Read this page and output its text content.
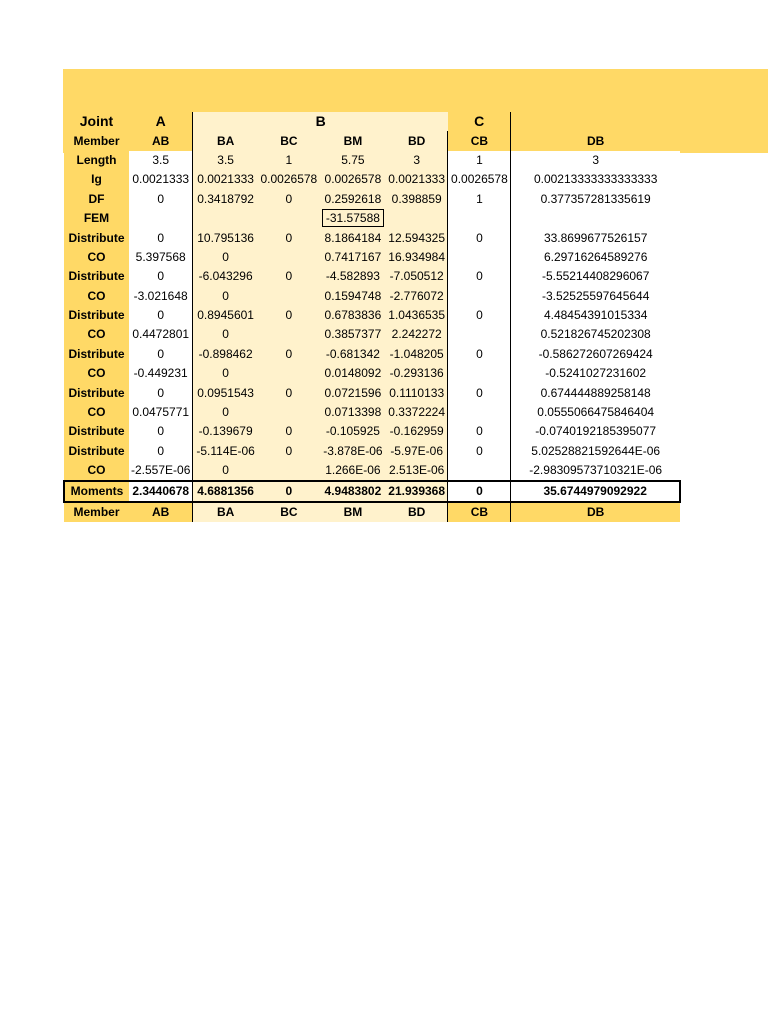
Joint	A	B				C	
Member	AB	BA	BC	BM	BD	CB	DB
Length	3.5	3.5	1	5.75	3	1	3
Ig	0.0021333	0.0021333	0.0026578	0.0026578	0.0021333	0.0026578	0.00213333333333333
DF	0	0.3418792	0	0.2592618	0.398859	1	0.377357281335619
FEM				-31.57588			
Distribute	0	10.795136	0	8.1864184	12.594325	0	33.8699677526157
CO	5.397568	0		0.7417167	16.934984		6.29716264589276
Distribute	0	-6.043296	0	-4.582893	-7.050512	0	-5.55214408296067
CO	-3.021648	0		0.1594748	-2.776072		-3.52525597645644
Distribute	0	0.8945601	0	0.6783836	1.0436535	0	4.48454391015334
CO	0.4472801	0		0.3857377	2.242272		0.521826745202308
Distribute	0	-0.898462	0	-0.681342	-1.048205	0	-0.586272607269424
CO	-0.449231	0		0.0148092	-0.293136		-0.5241027231602
Distribute	0	0.0951543	0	0.0721596	0.1110133	0	0.674444889258148
CO	0.0475771	0		0.0713398	0.3372224		0.0555066475846404
Distribute	0	-0.139679	0	-0.105925	-0.162959	0	-0.0740192185395077
Distribute	0	-5.114E-06	0	-3.878E-06	-5.97E-06	0	5.02528821592644E-06
CO	-2.557E-06	0		1.266E-06	2.513E-06		-2.98309573710321E-06
Moments	2.3440678	4.6881356	0	4.9483802	21.939368	0	35.6744979092922
Member	AB	BA	BC	BM	BD	CB	DB
